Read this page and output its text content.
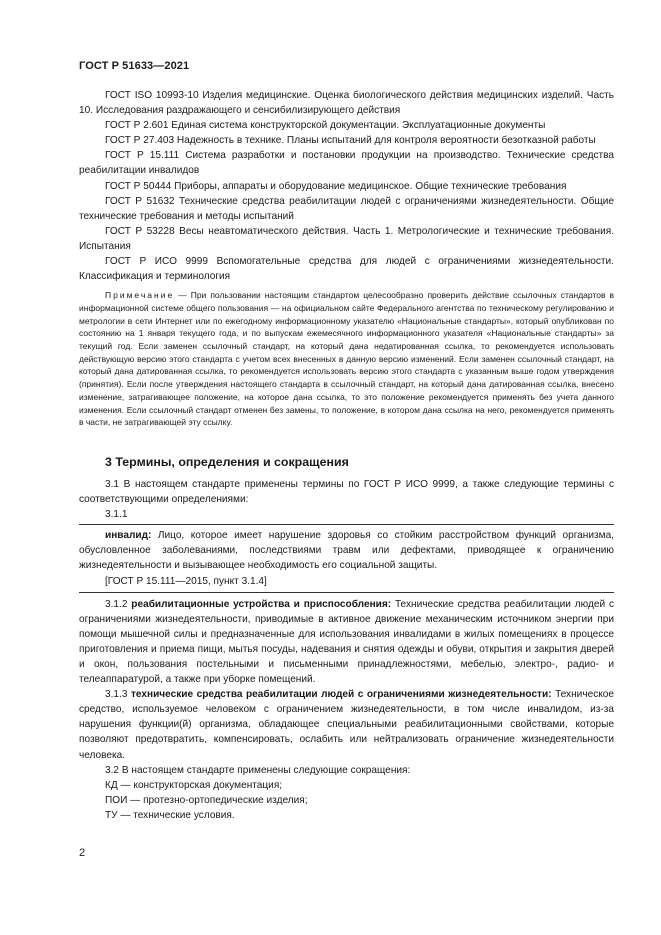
ГОСТ Р 51633—2021

ГОСТ ISO 10993-10 Изделия медицинские. Оценка биологического действия медицинских изделий. Часть 10. Исследования раздражающего и сенсибилизирующего действия

ГОСТ Р 2.601 Единая система конструкторской документации. Эксплуатационные документы

ГОСТ Р 27.403 Надежность в технике. Планы испытаний для контроля вероятности безотказной работы

ГОСТ Р 15.111 Система разработки и постановки продукции на производство. Технические средства реабилитации инвалидов

ГОСТ Р 50444 Приборы, аппараты и оборудование медицинское. Общие технические требования

ГОСТ Р 51632 Технические средства реабилитации людей с ограничениями жизнедеятельности. Общие технические требования и методы испытаний

ГОСТ Р 53228 Весы неавтоматического действия. Часть 1. Метрологические и технические требования. Испытания

ГОСТ Р ИСО 9999 Вспомогательные средства для людей с ограничениями жизнедеятельности. Классификация и терминология

Примечание — При пользовании настоящим стандартом целесообразно проверить действие ссылочных стандартов в информационной системе общего пользования — на официальном сайте Федерального агентства по техническому регулированию и метрологии в сети Интернет или по ежегодному информационному указателю «Национальные стандарты», который опубликован по состоянию на 1 января текущего года, и по выпускам ежемесячного информационного указателя «Национальные стандарты» за текущий год. Если заменен ссылочный стандарт, на который дана недатированная ссылка, то рекомендуется использовать действующую версию этого стандарта с учетом всех внесенных в данную версию изменений. Если заменен ссылочный стандарт, на который дана датированная ссылка, то рекомендуется использовать версию этого стандарта с указанным выше годом утверждения (принятия). Если после утверждения настоящего стандарта в ссылочный стандарт, на который дана датированная ссылка, внесено изменение, затрагивающее положение, на которое дана ссылка, то это положение рекомендуется применять без учета данного изменения. Если ссылочный стандарт отменен без замены, то положение, в котором дана ссылка на него, рекомендуется применять в части, не затрагивающей эту ссылку.
3 Термины, определения и сокращения

3.1 В настоящем стандарте применены термины по ГОСТ Р ИСО 9999, а также следующие термины с соответствующими определениями:

3.1.1

инвалид: Лицо, которое имеет нарушение здоровья со стойким расстройством функций организма, обусловленное заболеваниями, последствиями травм или дефектами, приводящее к ограничению жизнедеятельности и вызывающее необходимость его социальной защиты.

[ГОСТ Р 15.111—2015, пункт 3.1.4]

3.1.2 реабилитационные устройства и приспособления: Технические средства реабилитации людей с ограничениями жизнедеятельности, приводимые в активное движение механическим источником энергии при помощи мышечной силы и предназначенные для использования инвалидами в жилых помещениях в процессе приготовления и приема пищи, мытья посуды, надевания и снятия одежды и обуви, открытия и закрытия дверей и окон, пользования постельными и письменными принадлежностями, мебелью, электро-, радио- и телеаппаратурой, а также при уборке помещений.

3.1.3 технические средства реабилитации людей с ограничениями жизнедеятельности: Техническое средство, используемое человеком с ограничением жизнедеятельности, в том числе инвалидом, из-за нарушения функции(й) организма, обладающее специальными реабилитационными свойствами, которые позволяют предотвратить, компенсировать, ослабить или нейтрализовать ограничение жизнедеятельности человека.

3.2 В настоящем стандарте применены следующие сокращения:

КД — конструкторская документация;

ПОИ — протезно-ортопедические изделия;

ТУ — технические условия.

2
